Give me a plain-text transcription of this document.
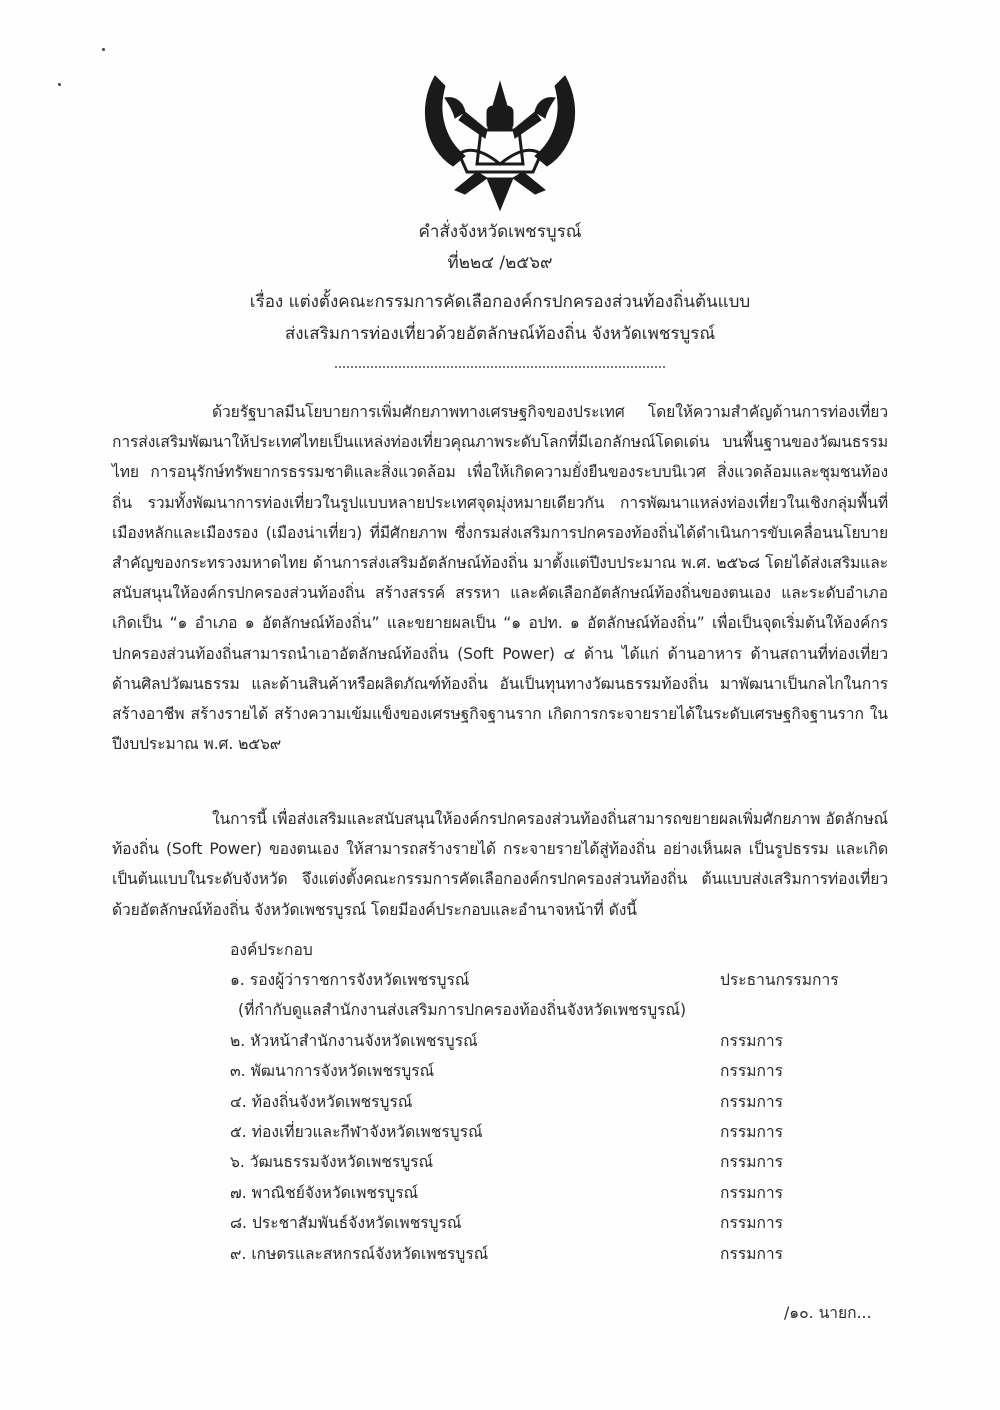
คำสั่งจังหวัดเพชรบูรณ์
ที่๒๒๔ /๒๕๖๙
เรื่อง แต่งตั้งคณะกรรมการคัดเลือกองค์กรปกครองส่วนท้องถิ่นต้นแบบ
ส่งเสริมการท่องเที่ยวด้วยอัตลักษณ์ท้องถิ่น จังหวัดเพชรบูรณ์
ด้วยรัฐบาลมีนโยบายการเพิ่มศักยภาพทางเศรษฐกิจของประเทศ โดยให้ความสำคัญด้านการท่องเที่ยว การส่งเสริมพัฒนาให้ประเทศไทยเป็นแหล่งท่องเที่ยวคุณภาพระดับโลกที่มีเอกลักษณ์โดดเด่น บนพื้นฐานของวัฒนธรรมไทย การอนุรักษ์ทรัพยากรธรรมชาติและสิ่งแวดล้อม เพื่อให้เกิดความยั่งยืนของระบบนิเวศ สิ่งแวดล้อมและชุมชนท้องถิ่น รวมทั้งพัฒนาการท่องเที่ยวในรูปแบบหลายประเทศจุดมุ่งหมายเดียวกัน การพัฒนาแหล่งท่องเที่ยวในเชิงกลุ่มพื้นที่เมืองหลักและเมืองรอง (เมืองน่าเที่ยว) ที่มีศักยภาพ ซึ่งกรมส่งเสริมการปกครองท้องถิ่นได้ดำเนินการขับเคลื่อนนโยบายสำคัญของกระทรวงมหาดไทย ด้านการส่งเสริมอัตลักษณ์ท้องถิ่น มาตั้งแต่ปีงบประมาณ พ.ศ. ๒๕๖๘ โดยได้ส่งเสริมและสนับสนุนให้องค์กรปกครองส่วนท้องถิ่น สร้างสรรค์ สรรหา และคัดเลือกอัตลักษณ์ท้องถิ่นของตนเอง และระดับอำเภอ เกิดเป็น “๑ อำเภอ ๑ อัตลักษณ์ท้องถิ่น” และขยายผลเป็น “๑ อปท. ๑ อัตลักษณ์ท้องถิ่น” เพื่อเป็นจุดเริ่มต้นให้องค์กรปกครองส่วนท้องถิ่นสามารถนำเอาอัตลักษณ์ท้องถิ่น (Soft Power) ๔ ด้าน ได้แก่ ด้านอาหาร ด้านสถานที่ท่องเที่ยว ด้านศิลปวัฒนธรรม และด้านสินค้าหรือผลิตภัณฑ์ท้องถิ่น อันเป็นทุนทางวัฒนธรรมท้องถิ่น มาพัฒนาเป็นกลไกในการสร้างอาชีพ สร้างรายได้ สร้างความเข้มแข็งของเศรษฐกิจฐานราก เกิดการกระจายรายได้ในระดับเศรษฐกิจฐานราก ในปีงบประมาณ พ.ศ. ๒๕๖๙
ในการนี้ เพื่อส่งเสริมและสนับสนุนให้องค์กรปกครองส่วนท้องถิ่นสามารถขยายผลเพิ่มศักยภาพ อัตลักษณ์ท้องถิ่น (Soft Power) ของตนเอง ให้สามารถสร้างรายได้ กระจายรายได้สู่ท้องถิ่น อย่างเห็นผล เป็นรูปธรรม และเกิดเป็นต้นแบบในระดับจังหวัด จึงแต่งตั้งคณะกรรมการคัดเลือกองค์กรปกครองส่วนท้องถิ่น ต้นแบบส่งเสริมการท่องเที่ยวด้วยอัตลักษณ์ท้องถิ่น จังหวัดเพชรบูรณ์ โดยมีองค์ประกอบและอำนาจหน้าที่ ดังนี้
องค์ประกอบ
๑. รองผู้ว่าราชการจังหวัดเพชรบูรณ์	ประธานกรรมการ
(ที่กำกับดูแลสำนักงานส่งเสริมการปกครองท้องถิ่นจังหวัดเพชรบูรณ์)
๒. หัวหน้าสำนักงานจังหวัดเพชรบูรณ์	กรรมการ
๓. พัฒนาการจังหวัดเพชรบูรณ์	กรรมการ
๔. ท้องถิ่นจังหวัดเพชรบูรณ์	กรรมการ
๕. ท่องเที่ยวและกีฬาจังหวัดเพชรบูรณ์	กรรมการ
๖. วัฒนธรรมจังหวัดเพชรบูรณ์	กรรมการ
๗. พาณิชย์จังหวัดเพชรบูรณ์	กรรมการ
๘. ประชาสัมพันธ์จังหวัดเพชรบูรณ์	กรรมการ
๙. เกษตรและสหกรณ์จังหวัดเพชรบูรณ์	กรรมการ
/๑๐. นายก...
